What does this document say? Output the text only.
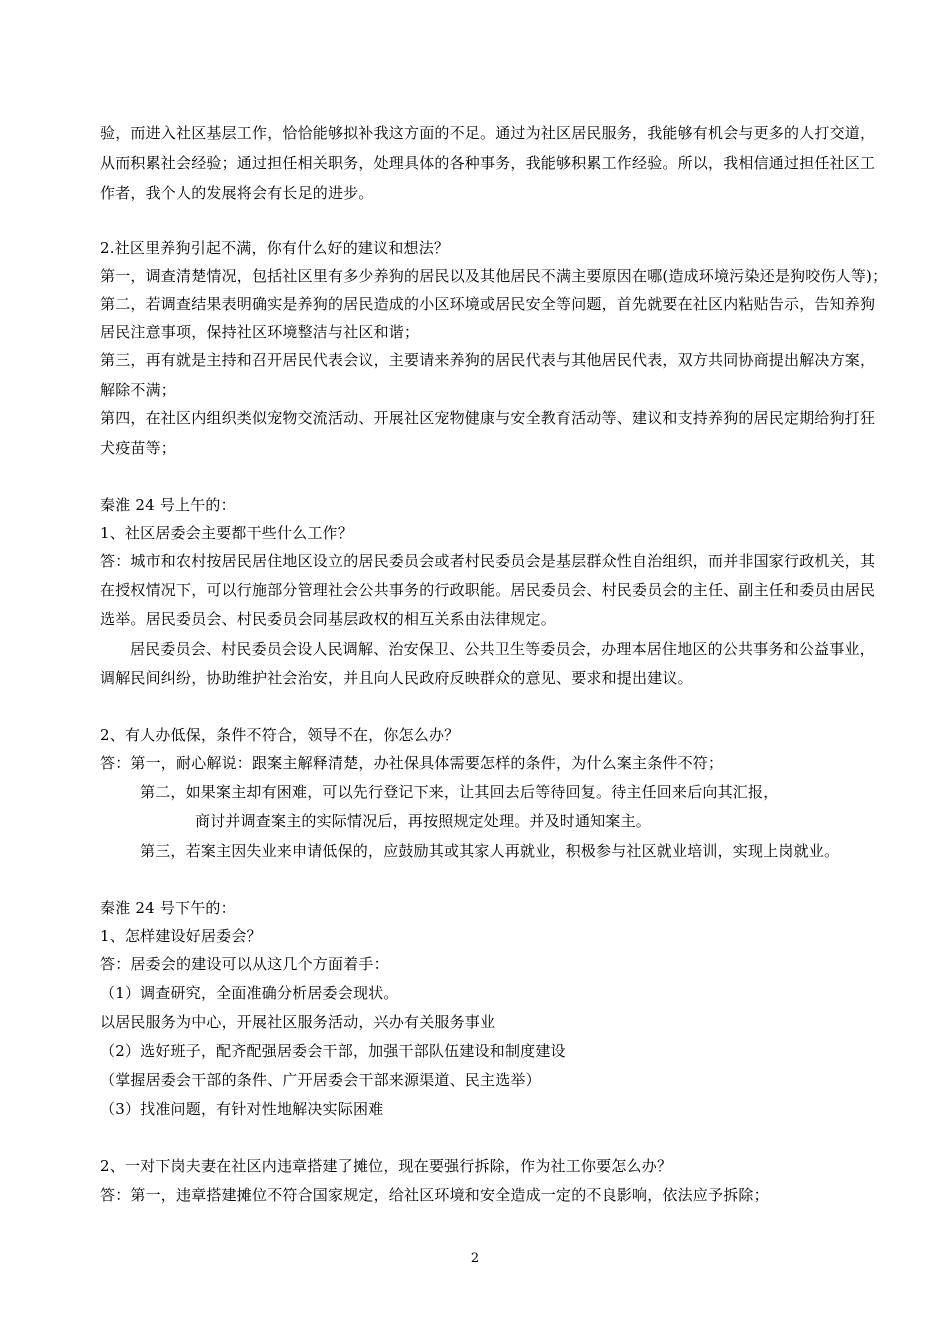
验，而进入社区基层工作，恰恰能够拟补我这方面的不足。通过为社区居民服务，我能够有机会与更多的人打交道，
从而积累社会经验；通过担任相关职务，处理具体的各种事务，我能够积累工作经验。所以，我相信通过担任社区工
作者，我个人的发展将会有长足的进步。
2.社区里养狗引起不满，你有什么好的建议和想法？
第一，调查清楚情况，包括社区里有多少养狗的居民以及其他居民不满主要原因在哪(造成环境污染还是狗咬伤人等)；
第二，若调查结果表明确实是养狗的居民造成的小区环境或居民安全等问题，首先就要在社区内粘贴告示，告知养狗
居民注意事项，保持社区环境整洁与社区和谐；
第三，再有就是主持和召开居民代表会议，主要请来养狗的居民代表与其他居民代表，双方共同协商提出解决方案，
解除不满；
第四，在社区内组织类似宠物交流活动、开展社区宠物健康与安全教育活动等、建议和支持养狗的居民定期给狗打狂
犬疫苗等；
秦淮 24 号上午的：
1、社区居委会主要都干些什么工作？
答：城市和农村按居民居住地区设立的居民委员会或者村民委员会是基层群众性自治组织，而并非国家行政机关，其
在授权情况下，可以行施部分管理社会公共事务的行政职能。居民委员会、村民委员会的主任、副主任和委员由居民
选举。居民委员会、村民委员会同基层政权的相互关系由法律规定。
居民委员会、村民委员会设人民调解、治安保卫、公共卫生等委员会，办理本居住地区的公共事务和公益事业，
调解民间纠纷，协助维护社会治安，并且向人民政府反映群众的意见、要求和提出建议。
2、有人办低保，条件不符合，领导不在，你怎么办？
答：第一，耐心解说：跟案主解释清楚，办社保具体需要怎样的条件，为什么案主条件不符；
第二，如果案主却有困难，可以先行登记下来，让其回去后等待回复。待主任回来后向其汇报，
商讨并调查案主的实际情况后，再按照规定处理。并及时通知案主。
第三，若案主因失业来申请低保的，应鼓励其或其家人再就业，积极参与社区就业培训，实现上岗就业。
秦淮 24 号下午的：
1、怎样建设好居委会？
答：居委会的建设可以从这几个方面着手：
（1）调查研究，全面准确分析居委会现状。
以居民服务为中心，开展社区服务活动，兴办有关服务事业
（2）选好班子，配齐配强居委会干部，加强干部队伍建设和制度建设
（掌握居委会干部的条件、广开居委会干部来源渠道、民主选举）
（3）找准问题，有针对性地解决实际困难
2、一对下岗夫妻在社区内违章搭建了摊位，现在要强行拆除，作为社工你要怎么办？
答：第一，违章搭建摊位不符合国家规定，给社区环境和安全造成一定的不良影响，依法应予拆除；
2
